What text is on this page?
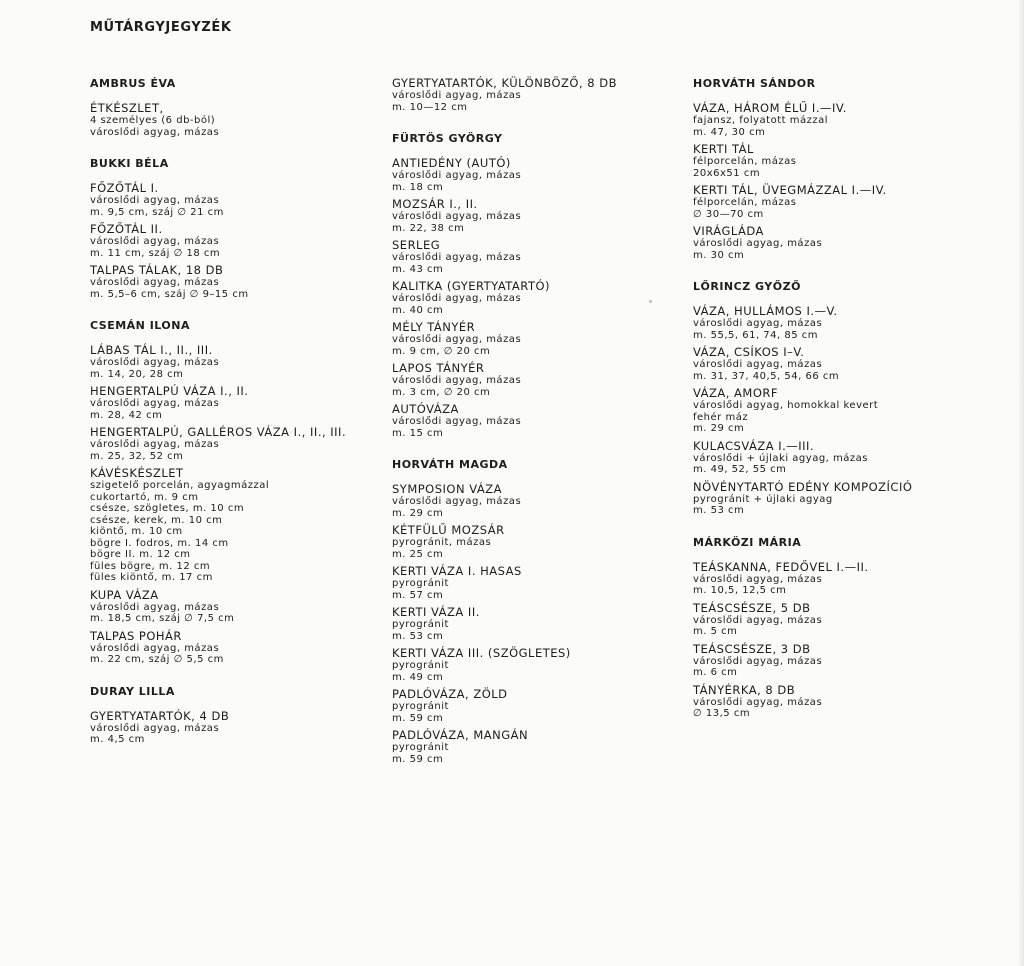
MŰTÁRGYJEGYZÉK
AMBRUS ÉVA
ÉTKÉSZLET,
4 személyes (6 db-ból)
városlődi agyag, mázas
BUKKI BÉLA
FŐZŐTÁL I.
városlődi agyag, mázas
m. 9,5 cm, száj ∅ 21 cm
FŐZŐTÁL II.
városlődi agyag, mázas
m. 11 cm, száj ∅ 18 cm
TALPAS TÁLAK, 18 DB
városlődi agyag, mázas
m. 5,5–6 cm, száj ∅ 9–15 cm
CSEMÁN ILONA
LÁBAS TÁL I., II., III.
városlődi agyag, mázas
m. 14, 20, 28 cm
HENGERTALPÚ VÁZA I., II.
városlődi agyag, mázas
m. 28, 42 cm
HENGERTALPÚ, GALLÉROS VÁZA I., II., III.
városlődi agyag, mázas
m. 25, 32, 52 cm
KÁVÉSKÉSZLET
szigetelő porcelán, agyagmázzal
cukortartó, m. 9 cm
csésze, szögletes, m. 10 cm
csésze, kerek, m. 10 cm
kiöntő, m. 10 cm
bögre I. fodros, m. 14 cm
bögre II. m. 12 cm
füles bögre, m. 12 cm
füles kiöntő, m. 17 cm
KUPA VÁZA
városlődi agyag, mázas
m. 18,5 cm, száj ∅ 7,5 cm
TALPAS POHÁR
városlődi agyag, mázas
m. 22 cm, száj ∅ 5,5 cm
DURAY LILLA
GYERTYATARTÓK, 4 DB
városlődi agyag, mázas
m. 4,5 cm
GYERTYATARTÓK, KÜLÖNBÖZŐ, 8 DB
városlődi agyag, mázas
m. 10—12 cm
FÜRTÖS GYÖRGY
ANTIEDÉNY (AUTÓ)
városlődi agyag, mázas
m. 18 cm
MOZSÁR I., II.
városlődi agyag, mázas
m. 22, 38 cm
SERLEG
városlődi agyag, mázas
m. 43 cm
KALITKA (GYERTYATARTÓ)
városlődi agyag, mázas
m. 40 cm
MÉLY TÁNYÉR
városlődi agyag, mázas
m. 9 cm, ∅ 20 cm
LAPOS TÁNYÉR
városlődi agyag, mázas
m. 3 cm, ∅ 20 cm
AUTÓVÁZA
városlődi agyag, mázas
m. 15 cm
HORVÁTH MAGDA
SYMPOSION VÁZA
városlődi agyag, mázas
m. 29 cm
KÉTFÜLŰ MOZSÁR
pyrogránit, mázas
m. 25 cm
KERTI VÁZA I. HASAS
pyrogránit
m. 57 cm
KERTI VÁZA II.
pyrogránit
m. 53 cm
KERTI VÁZA III. (SZÖGLETES)
pyrogránit
m. 49 cm
PADLÓVÁZA, ZÖLD
pyrogránit
m. 59 cm
PADLÓVÁZA, MANGÁN
pyrogránit
m. 59 cm
HORVÁTH SÁNDOR
VÁZA, HÁROM ÉLŰ I.—IV.
fajansz, folyatott mázzal
m. 47, 30 cm
KERTI TÁL
félporcelán, mázas
20x6x51 cm
KERTI TÁL, ÜVEGMÁZZAL I.—IV.
félporcelán, mázas
∅ 30—70 cm
VIRÁGLÁDA
városlődi agyag, mázas
m. 30 cm
LŐRINCZ GYŐZŐ
VÁZA, HULLÁMOS I.—V.
városlődi agyag, mázas
m. 55,5, 61, 74, 85 cm
VÁZA, CSÍKOS I–V.
városlődi agyag, mázas
m. 31, 37, 40,5, 54, 66 cm
VÁZA, AMORF
városlődi agyag, homokkal kevert
fehér máz
m. 29 cm
KULACSVÁZA I.—III.
városlődi + újlaki agyag, mázas
m. 49, 52, 55 cm
NÖVÉNYTARTÓ EDÉNY KOMPOZÍCIÓ
pyrogránit + újlaki agyag
m. 53 cm
MÁRKÖZI MÁRIA
TEÁSKANNA, FEDŐVEL I.—II.
városlődi agyag, mázas
m. 10,5, 12,5 cm
TEÁSCSÉSZE, 5 DB
városlődi agyag, mázas
m. 5 cm
TEÁSCSÉSZE, 3 DB
városlődi agyag, mázas
m. 6 cm
TÁNYÉRKA, 8 DB
városlődi agyag, mázas
∅ 13,5 cm
